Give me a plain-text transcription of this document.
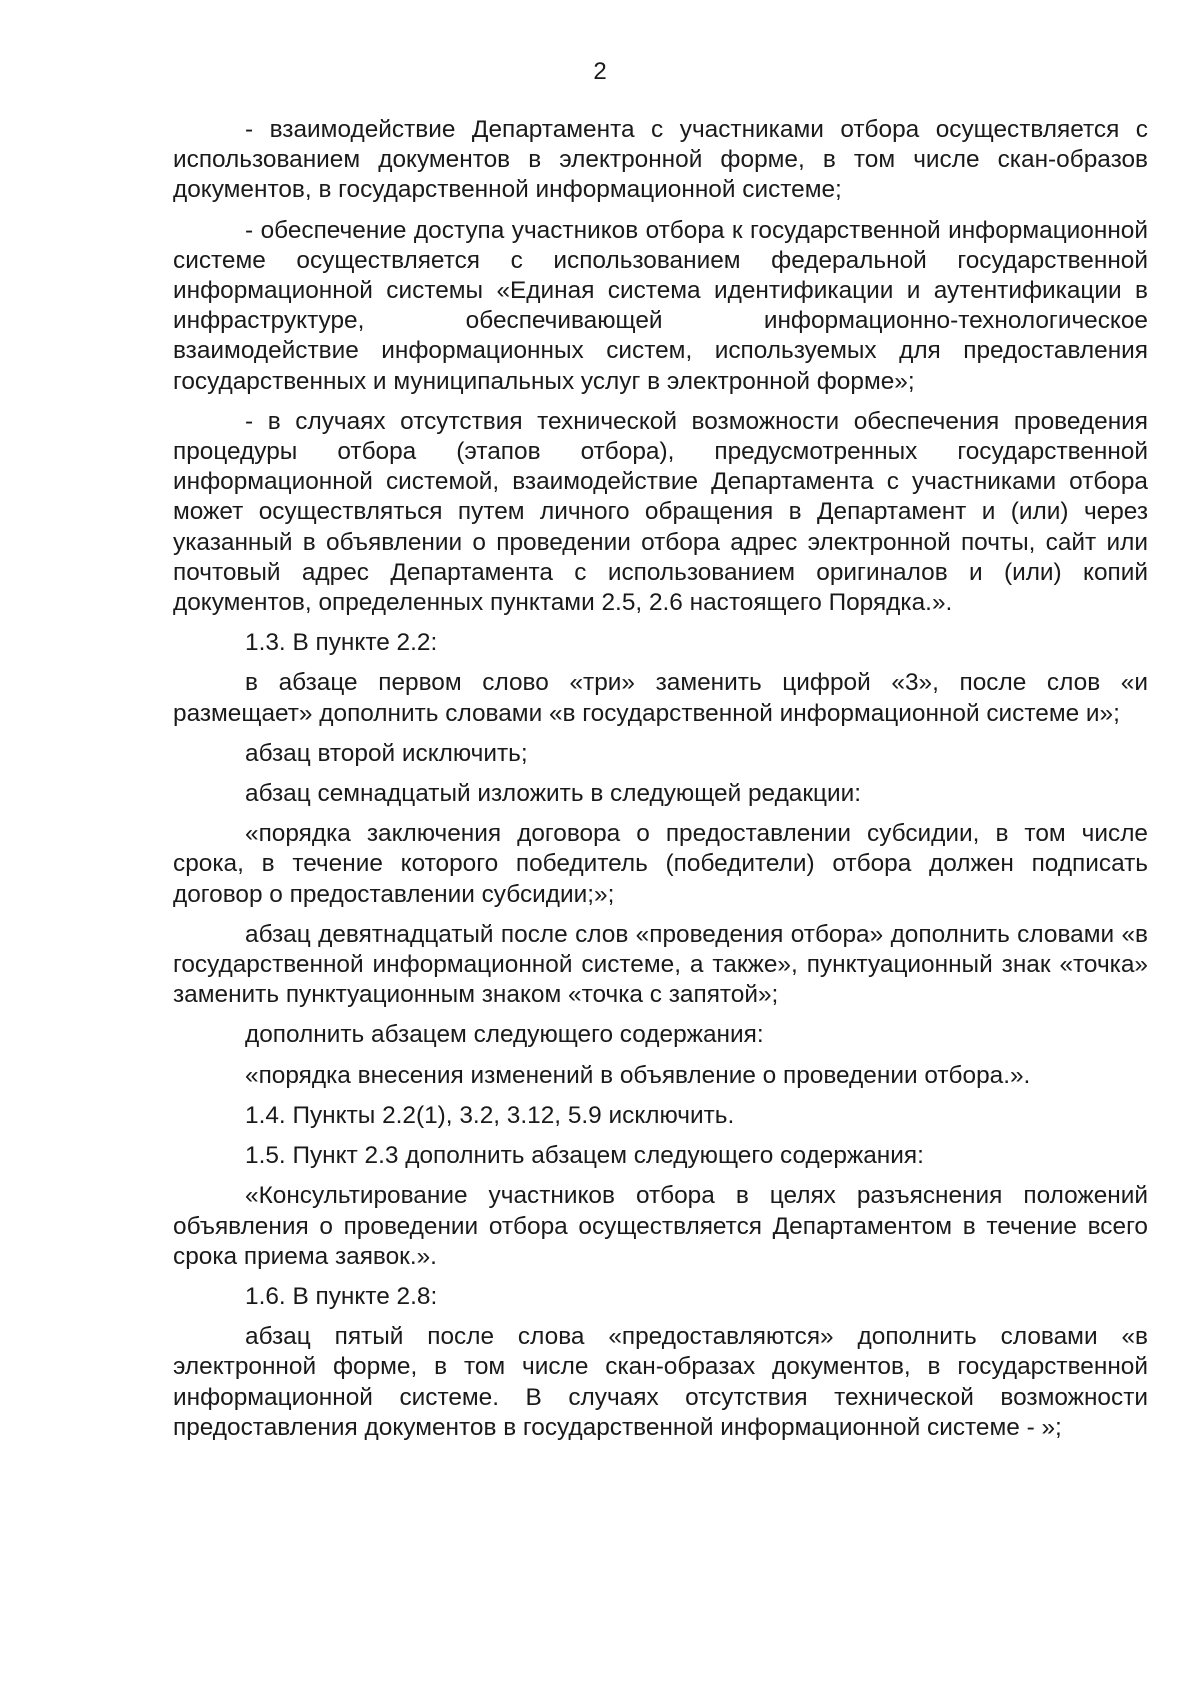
2

- взаимодействие Департамента с участниками отбора осуществляется с использованием документов в электронной форме, в том числе скан-образов документов, в государственной информационной системе;

- обеспечение доступа участников отбора к государственной информационной системе осуществляется с использованием федеральной государственной информационной системы «Единая система идентификации и аутентификации в инфраструктуре, обеспечивающей информационно-технологическое взаимодействие информационных систем, используемых для предоставления государственных и муниципальных услуг в электронной форме»;

- в случаях отсутствия технической возможности обеспечения проведения процедуры отбора (этапов отбора), предусмотренных государственной информационной системой, взаимодействие Департамента с участниками отбора может осуществляться путем личного обращения в Департамент и (или) через указанный в объявлении о проведении отбора адрес электронной почты, сайт или почтовый адрес Департамента с использованием оригиналов и (или) копий документов, определенных пунктами 2.5, 2.6 настоящего Порядка.».

1.3. В пункте 2.2:

в абзаце первом слово «три» заменить цифрой «3», после слов «и размещает» дополнить словами «в государственной информационной системе и»;

абзац второй исключить;

абзац семнадцатый изложить в следующей редакции:

«порядка заключения договора о предоставлении субсидии, в том числе срока, в течение которого победитель (победители) отбора должен подписать договор о предоставлении субсидии;»;

абзац девятнадцатый после слов «проведения отбора» дополнить словами «в государственной информационной системе, а также», пунктуационный знак «точка» заменить пунктуационным знаком «точка с запятой»;

дополнить абзацем следующего содержания:

«порядка внесения изменений в объявление о проведении отбора.».

1.4. Пункты 2.2(1), 3.2, 3.12, 5.9 исключить.

1.5. Пункт 2.3 дополнить абзацем следующего содержания:

«Консультирование участников отбора в целях разъяснения положений объявления о проведении отбора осуществляется Департаментом в течение всего срока приема заявок.».

1.6. В пункте 2.8:

абзац пятый после слова «предоставляются» дополнить словами «в электронной форме, в том числе скан-образах документов, в государственной информационной системе. В случаях отсутствия технической возможности предоставления документов в государственной информационной системе - »;
